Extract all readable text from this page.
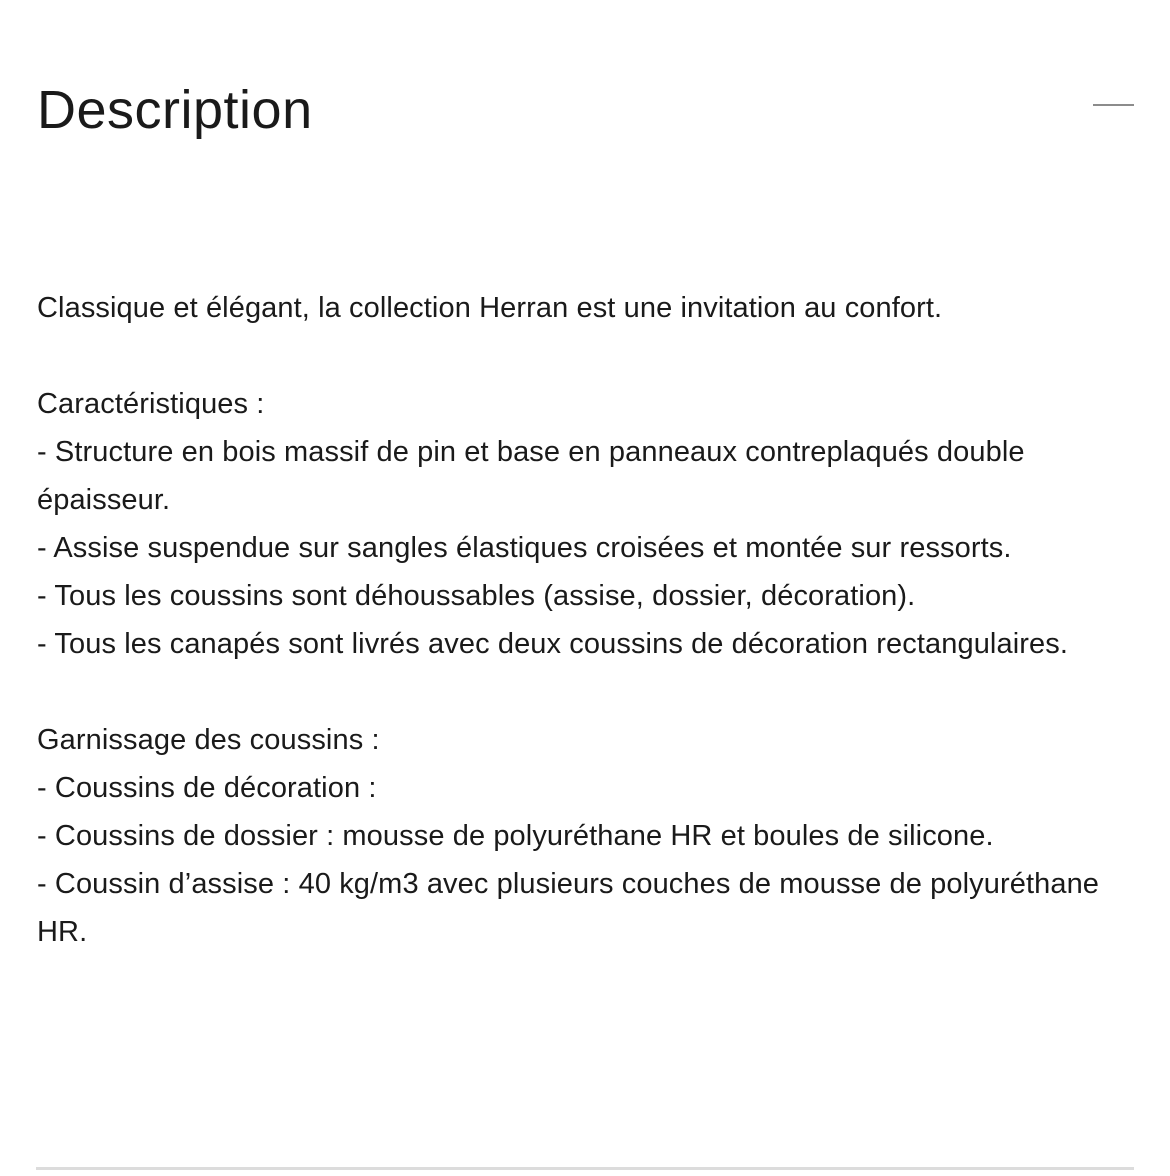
Description

Classique et élégant, la collection Herran est une invitation au confort.

Caractéristiques :

- Structure en bois massif de pin et base en panneaux contreplaqués double épaisseur.
- Assise suspendue sur sangles élastiques croisées et montée sur ressorts.
- Tous les coussins sont déhoussables (assise, dossier, décoration).
- Tous les canapés sont livrés avec deux coussins de décoration rectangulaires.

Garnissage des coussins :

- Coussins de décoration :
- Coussins de dossier : mousse de polyuréthane HR et boules de silicone.
- Coussin d’assise : 40 kg/m3 avec plusieurs couches de mousse de polyuréthane HR.
